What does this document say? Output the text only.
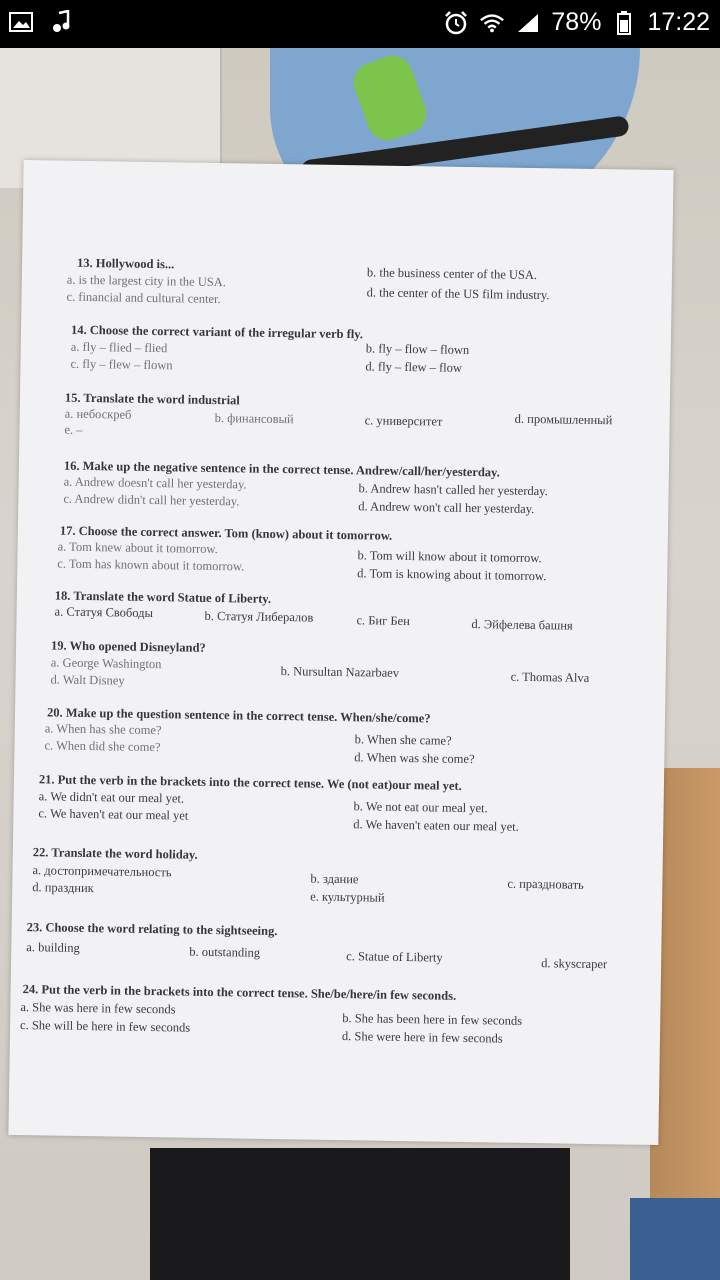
78% 17:22
13. Hollywood is...
a. is the largest city in the USA.	b. the business center of the USA.
c. financial and cultural center.	d. the center of the US film industry.
14. Choose the correct variant of the irregular verb fly.
a. fly – flied – flied	b. fly – flow – flown
c. fly – flew – flown	d. fly – flew – flow
15. Translate the word industrial
a. небоскреб	b. финансовый	c. университет	d. промышленный
e. –
16. Make up the negative sentence in the correct tense. Andrew/call/her/yesterday.
a. Andrew doesn't call her yesterday.	b. Andrew hasn't called her yesterday.
c. Andrew didn't call her yesterday.	d. Andrew won't call her yesterday.
17. Choose the correct answer. Tom (know) about it tomorrow.
a. Tom knew about it tomorrow.
b. Tom will know about it tomorrow.
c. Tom has known about it tomorrow.
d. Tom is knowing about it tomorrow.
18. Translate the word Statue of Liberty.
a. Статуя Свободы	b. Статуя Либералов	c. Биг Бен	d. Эйфелева башня
19. Who opened Disneyland?
a. George Washington
b. Nursultan Nazarbaev	c. Thomas Alva
d. Walt Disney
20. Make up the question sentence in the correct tense. When/she/come?
a. When has she come?
b. When she came?
c. When did she come?
d. When was she come?
21. Put the verb in the brackets into the correct tense. We (not eat)our meal yet.
a. We didn't eat our meal yet.
b. We not eat our meal yet.
c. We haven't eat our meal yet
d. We haven't eaten our meal yet.
22. Translate the word holiday.
a. достопримечательность	b. здание	c. праздновать
d. праздник
e. культурный
23. Choose the word relating to the sightseeing.
a. building	b. outstanding	c. Statue of Liberty	d. skyscraper
24. Put the verb in the brackets into the correct tense. She/be/here/in few seconds.
a. She was here in few seconds
b. She has been here in few seconds
c. She will be here in few seconds
d. She were here in few seconds
